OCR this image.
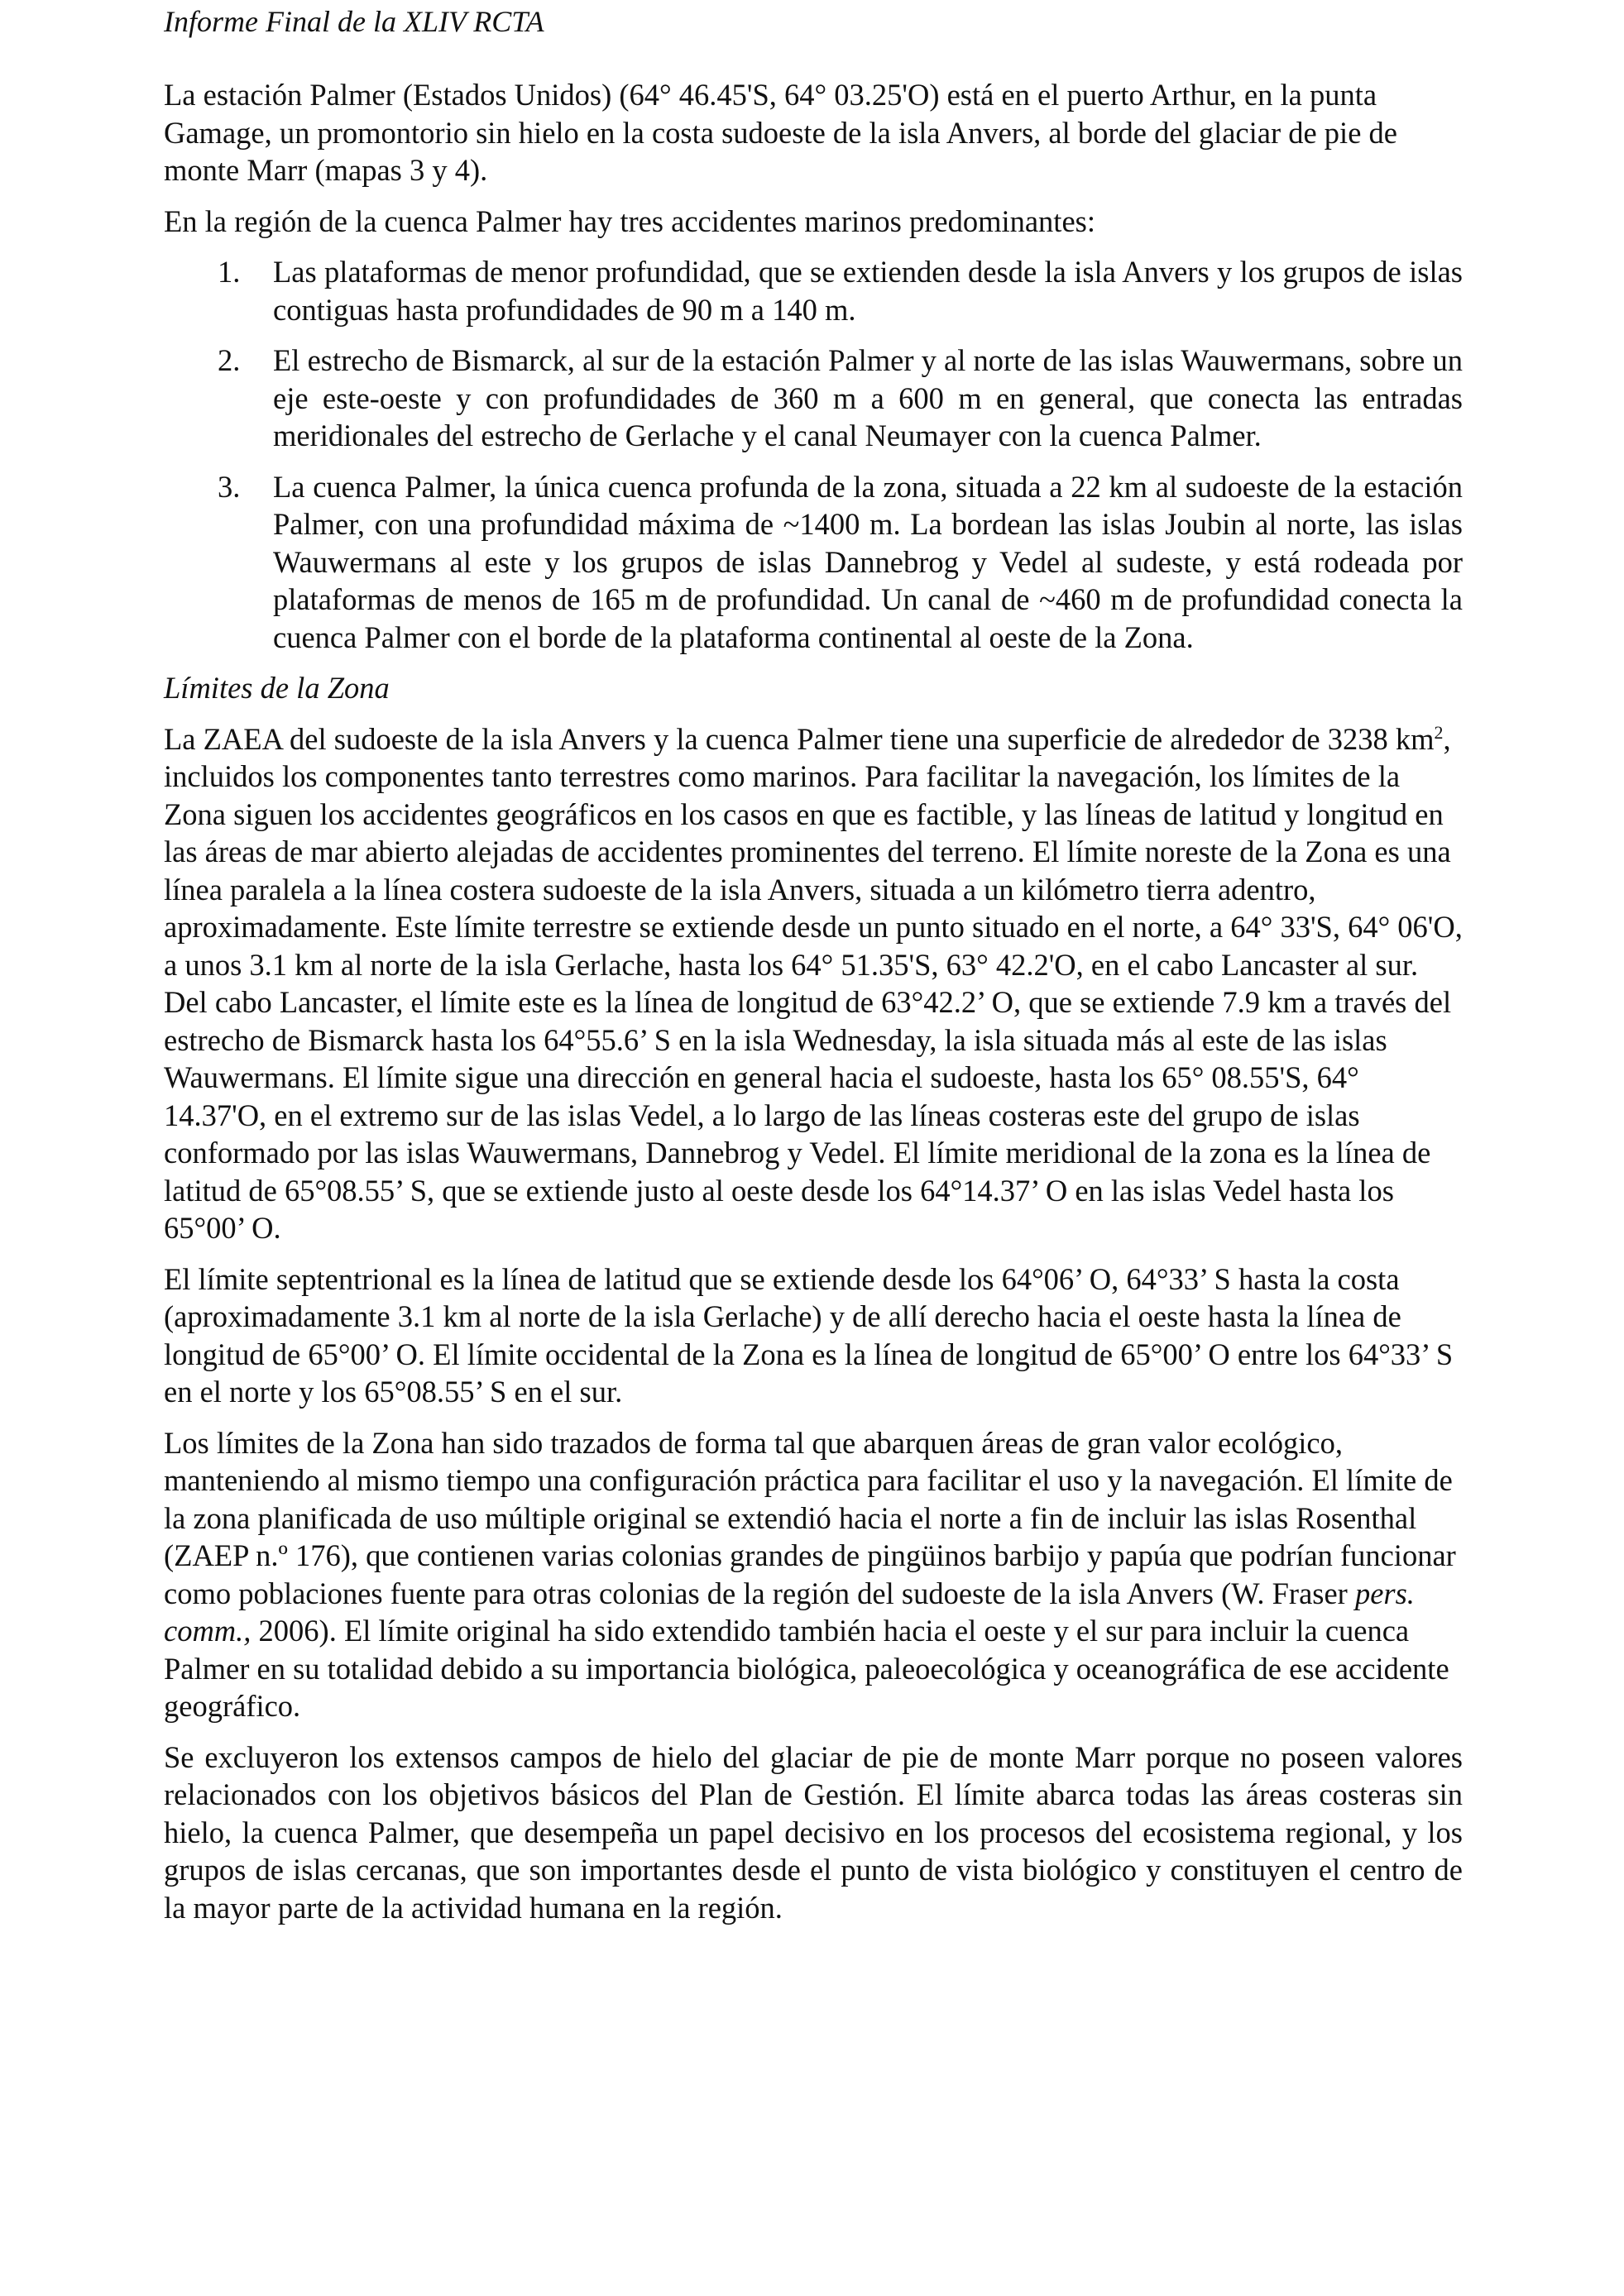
Informe Final de la XLIV RCTA

La estación Palmer (Estados Unidos) (64° 46.45'S, 64° 03.25'O) está en el puerto Arthur, en la punta Gamage, un promontorio sin hielo en la costa sudoeste de la isla Anvers, al borde del glaciar de pie de monte Marr (mapas 3 y 4).

En la región de la cuenca Palmer hay tres accidentes marinos predominantes:

1. Las plataformas de menor profundidad, que se extienden desde la isla Anvers y los grupos de islas contiguas hasta profundidades de 90 m a 140 m.
2. El estrecho de Bismarck, al sur de la estación Palmer y al norte de las islas Wauwermans, sobre un eje este-oeste y con profundidades de 360 m a 600 m en general, que conecta las entradas meridionales del estrecho de Gerlache y el canal Neumayer con la cuenca Palmer.
3. La cuenca Palmer, la única cuenca profunda de la zona, situada a 22 km al sudoeste de la estación Palmer, con una profundidad máxima de ~1400 m. La bordean las islas Joubin al norte, las islas Wauwermans al este y los grupos de islas Dannebrog y Vedel al sudeste, y está rodeada por plataformas de menos de 165 m de profundidad. Un canal de ~460 m de profundidad conecta la cuenca Palmer con el borde de la plataforma continental al oeste de la Zona.
Límites de la Zona

La ZAEA del sudoeste de la isla Anvers y la cuenca Palmer tiene una superficie de alrededor de 3238 $km^2$, incluidos los componentes tanto terrestres como marinos. Para facilitar la navegación, los límites de la Zona siguen los accidentes geográficos en los casos en que es factible, y las líneas de latitud y longitud en las áreas de mar abierto alejadas de accidentes prominentes del terreno. El límite noreste de la Zona es una línea paralela a la línea costera sudoeste de la isla Anvers, situada a un kilómetro tierra adentro, aproximadamente. Este límite terrestre se extiende desde un punto situado en el norte, a 64° 33'S, 64° 06'O, a unos 3.1 km al norte de la isla Gerlache, hasta los 64° 51.35'S, 63° 42.2'O, en el cabo Lancaster al sur. Del cabo Lancaster, el límite este es la línea de longitud de 63°42.2’ O, que se extiende 7.9 km a través del estrecho de Bismarck hasta los 64°55.6’ S en la isla Wednesday, la isla situada más al este de las islas Wauwermans. El límite sigue una dirección en general hacia el sudoeste, hasta los 65° 08.55'S, 64° 14.37'O, en el extremo sur de las islas Vedel, a lo largo de las líneas costeras este del grupo de islas conformado por las islas Wauwermans, Dannebrog y Vedel. El límite meridional de la zona es la línea de latitud de 65°08.55’ S, que se extiende justo al oeste desde los 64°14.37’ O en las islas Vedel hasta los 65°00’ O.

El límite septentrional es la línea de latitud que se extiende desde los 64°06’ O, 64°33’ S hasta la costa (aproximadamente 3.1 km al norte de la isla Gerlache) y de allí derecho hacia el oeste hasta la línea de longitud de 65°00’ O. El límite occidental de la Zona es la línea de longitud de 65°00’ O entre los 64°33’ S en el norte y los 65°08.55’ S en el sur.

Los límites de la Zona han sido trazados de forma tal que abarquen áreas de gran valor ecológico, manteniendo al mismo tiempo una configuración práctica para facilitar el uso y la navegación. El límite de la zona planificada de uso múltiple original se extendió hacia el norte a fin de incluir las islas Rosenthal (ZAEP n.º 176), que contienen varias colonias grandes de pingüinos barbijo y papúa que podrían funcionar como poblaciones fuente para otras colonias de la región del sudoeste de la isla Anvers (W. Fraser pers. comm., 2006). El límite original ha sido extendido también hacia el oeste y el sur para incluir la cuenca Palmer en su totalidad debido a su importancia biológica, paleoecológica y oceanográfica de ese accidente geográfico.

Se excluyeron los extensos campos de hielo del glaciar de pie de monte Marr porque no poseen valores relacionados con los objetivos básicos del Plan de Gestión. El límite abarca todas las áreas costeras sin hielo, la cuenca Palmer, que desempeña un papel decisivo en los procesos del ecosistema regional, y los grupos de islas cercanas, que son importantes desde el punto de vista biológico y constituyen el centro de la mayor parte de la actividad humana en la región.
